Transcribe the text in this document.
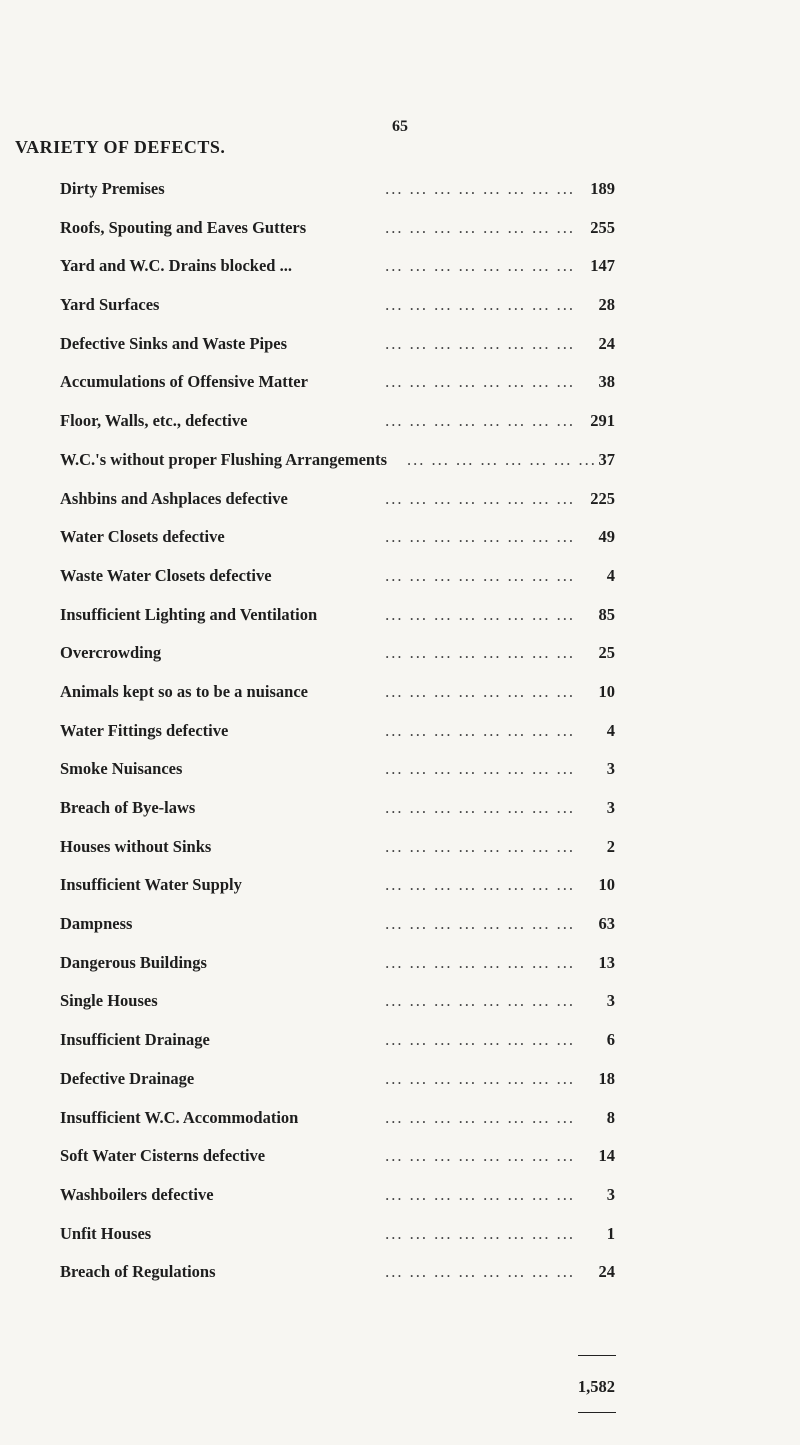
65
VARIETY OF DEFECTS.
Dirty Premises	189
... ... ... ... ... ... ... ...
Roofs, Spouting and Eaves Gutters	255
... ... ... ... ... ... ... ...
Yard and W.C. Drains blocked ...	147
... ... ... ... ... ... ... ...
Yard Surfaces	28
... ... ... ... ... ... ... ...
Defective Sinks and Waste Pipes	24
... ... ... ... ... ... ... ...
Accumulations of Offensive Matter	38
... ... ... ... ... ... ... ...
Floor, Walls, etc., defective	291
... ... ... ... ... ... ... ...
W.C.'s without proper Flushing Arrangements	37
... ... ... ... ... ... ... ...
Ashbins and Ashplaces defective	225
... ... ... ... ... ... ... ...
Water Closets defective	49
... ... ... ... ... ... ... ...
Waste Water Closets defective	4
... ... ... ... ... ... ... ...
Insufficient Lighting and Ventilation	85
... ... ... ... ... ... ... ...
Overcrowding	25
... ... ... ... ... ... ... ...
Animals kept so as to be a nuisance	10
... ... ... ... ... ... ... ...
Water Fittings defective	4
... ... ... ... ... ... ... ...
Smoke Nuisances	3
... ... ... ... ... ... ... ...
Breach of Bye-laws	3
... ... ... ... ... ... ... ...
Houses without Sinks	2
... ... ... ... ... ... ... ...
Insufficient Water Supply	10
... ... ... ... ... ... ... ...
Dampness	63
... ... ... ... ... ... ... ...
Dangerous Buildings	13
... ... ... ... ... ... ... ...
Single Houses	3
... ... ... ... ... ... ... ...
Insufficient Drainage	6
... ... ... ... ... ... ... ...
Defective Drainage	18
... ... ... ... ... ... ... ...
Insufficient W.C. Accommodation	8
... ... ... ... ... ... ... ...
Soft Water Cisterns defective	14
... ... ... ... ... ... ... ...
Washboilers defective	3
... ... ... ... ... ... ... ...
Unfit Houses	1
... ... ... ... ... ... ... ...
Breach of Regulations	24
... ... ... ... ... ... ... ...
1,582
